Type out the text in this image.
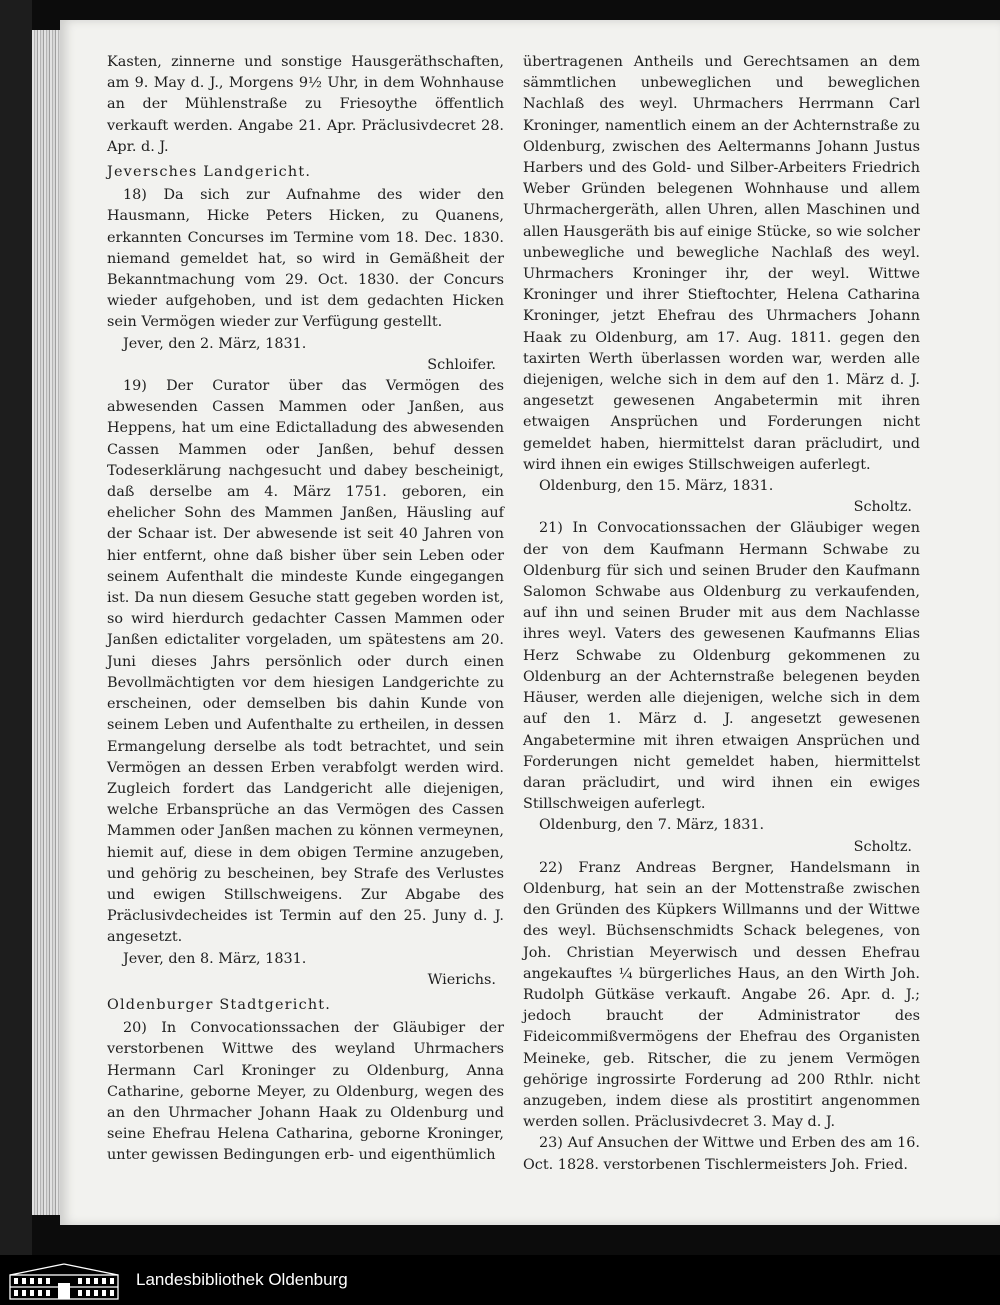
Kasten, zinnerne und sonstige Hausgeräthschaften, am 9. May d. J., Morgens 9½ Uhr, in dem Wohnhause an der Mühlenstraße zu Friesoythe öffentlich verkauft werden. Angabe 21. Apr. Präclusivdecret 28. Apr. d. J.

Jeversches Landgericht.

18) Da sich zur Aufnahme des wider den Hausmann, Hicke Peters Hicken, zu Quanens, erkannten Concurses im Termine vom 18. Dec. 1830. niemand gemeldet hat, so wird in Gemäßheit der Bekanntmachung vom 29. Oct. 1830. der Concurs wieder aufgehoben, und ist dem gedachten Hicken sein Vermögen wieder zur Verfügung gestellt.

Jever, den 2. März, 1831.

Schloifer.

19) Der Curator über das Vermögen des abwesenden Cassen Mammen oder Janßen, aus Heppens, hat um eine Edictalladung des abwesenden Cassen Mammen oder Janßen, behuf dessen Todeserklärung nachgesucht und dabey bescheinigt, daß derselbe am 4. März 1751. geboren, ein ehelicher Sohn des Mammen Janßen, Häusling auf der Schaar ist. Der abwesende ist seit 40 Jahren von hier entfernt, ohne daß bisher über sein Leben oder seinem Aufenthalt die mindeste Kunde eingegangen ist. Da nun diesem Gesuche statt gegeben worden ist, so wird hierdurch gedachter Cassen Mammen oder Janßen edictaliter vorgeladen, um spätestens am 20. Juni dieses Jahrs persönlich oder durch einen Bevollmächtigten vor dem hiesigen Landgerichte zu erscheinen, oder demselben bis dahin Kunde von seinem Leben und Aufenthalte zu ertheilen, in dessen Ermangelung derselbe als todt betrachtet, und sein Vermögen an dessen Erben verabfolgt werden wird. Zugleich fordert das Landgericht alle diejenigen, welche Erbansprüche an das Vermögen des Cassen Mammen oder Janßen machen zu können vermeynen, hiemit auf, diese in dem obigen Termine anzugeben, und gehörig zu bescheinen, bey Strafe des Verlustes und ewigen Stillschweigens. Zur Abgabe des Präclusivdecheides ist Termin auf den 25. Juny d. J. angesetzt.

Jever, den 8. März, 1831.

Wierichs.

Oldenburger Stadtgericht.

20) In Convocationssachen der Gläubiger der verstorbenen Wittwe des weyland Uhrmachers Hermann Carl Kroninger zu Oldenburg, Anna Catharine, geborne Meyer, zu Oldenburg, wegen des an den Uhrmacher Johann Haak zu Oldenburg und seine Ehefrau Helena Catharina, geborne Kroninger, unter gewissen Bedingungen erb- und eigenthümlich

übertragenen Antheils und Gerechtsamen an dem sämmtlichen unbeweglichen und beweglichen Nachlaß des weyl. Uhrmachers Herrmann Carl Kroninger, namentlich einem an der Achternstraße zu Oldenburg, zwischen des Aeltermanns Johann Justus Harbers und des Gold- und Silber-Arbeiters Friedrich Weber Gründen belegenen Wohnhause und allem Uhrmachergeräth, allen Uhren, allen Maschinen und allen Hausgeräth bis auf einige Stücke, so wie solcher unbewegliche und bewegliche Nachlaß des weyl. Uhrmachers Kroninger ihr, der weyl. Wittwe Kroninger und ihrer Stieftochter, Helena Catharina Kroninger, jetzt Ehefrau des Uhrmachers Johann Haak zu Oldenburg, am 17. Aug. 1811. gegen den taxirten Werth überlassen worden war, werden alle diejenigen, welche sich in dem auf den 1. März d. J. angesetzt gewesenen Angabetermin mit ihren etwaigen Ansprüchen und Forderungen nicht gemeldet haben, hiermittelst daran präcludirt, und wird ihnen ein ewiges Stillschweigen auferlegt.

Oldenburg, den 15. März, 1831.

Scholtz.

21) In Convocationssachen der Gläubiger wegen der von dem Kaufmann Hermann Schwabe zu Oldenburg für sich und seinen Bruder den Kaufmann Salomon Schwabe aus Oldenburg zu verkaufenden, auf ihn und seinen Bruder mit aus dem Nachlasse ihres weyl. Vaters des gewesenen Kaufmanns Elias Herz Schwabe zu Oldenburg gekommenen zu Oldenburg an der Achternstraße belegenen beyden Häuser, werden alle diejenigen, welche sich in dem auf den 1. März d. J. angesetzt gewesenen Angabetermine mit ihren etwaigen Ansprüchen und Forderungen nicht gemeldet haben, hiermittelst daran präcludirt, und wird ihnen ein ewiges Stillschweigen auferlegt.

Oldenburg, den 7. März, 1831.

Scholtz.

22) Franz Andreas Bergner, Handelsmann in Oldenburg, hat sein an der Mottenstraße zwischen den Gründen des Küpkers Willmanns und der Wittwe des weyl. Büchsenschmidts Schack belegenes, von Joh. Christian Meyerwisch und dessen Ehefrau angekauftes ¼ bürgerliches Haus, an den Wirth Joh. Rudolph Gütkäse verkauft. Angabe 26. Apr. d. J.; jedoch braucht der Administrator des Fideicommißvermögens der Ehefrau des Organisten Meineke, geb. Ritscher, die zu jenem Vermögen gehörige ingrossirte Forderung ad 200 Rthlr. nicht anzugeben, indem diese als prostitirt angenommen werden sollen. Präclusivdecret 3. May d. J.

23) Auf Ansuchen der Wittwe und Erben des am 16. Oct. 1828. verstorbenen Tischlermeisters Joh. Fried.

Landesbibliothek Oldenburg
